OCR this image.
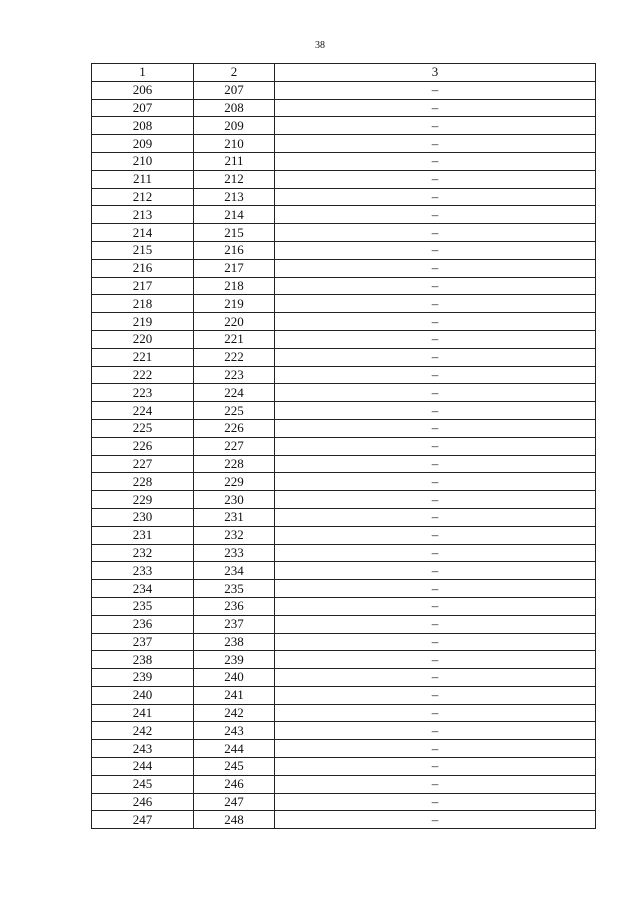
38
1	2	3
206	207	–
207	208	–
208	209	–
209	210	–
210	211	–
211	212	–
212	213	–
213	214	–
214	215	–
215	216	–
216	217	–
217	218	–
218	219	–
219	220	–
220	221	–
221	222	–
222	223	–
223	224	–
224	225	–
225	226	–
226	227	–
227	228	–
228	229	–
229	230	–
230	231	–
231	232	–
232	233	–
233	234	–
234	235	–
235	236	–
236	237	–
237	238	–
238	239	–
239	240	–
240	241	–
241	242	–
242	243	–
243	244	–
244	245	–
245	246	–
246	247	–
247	248	–
